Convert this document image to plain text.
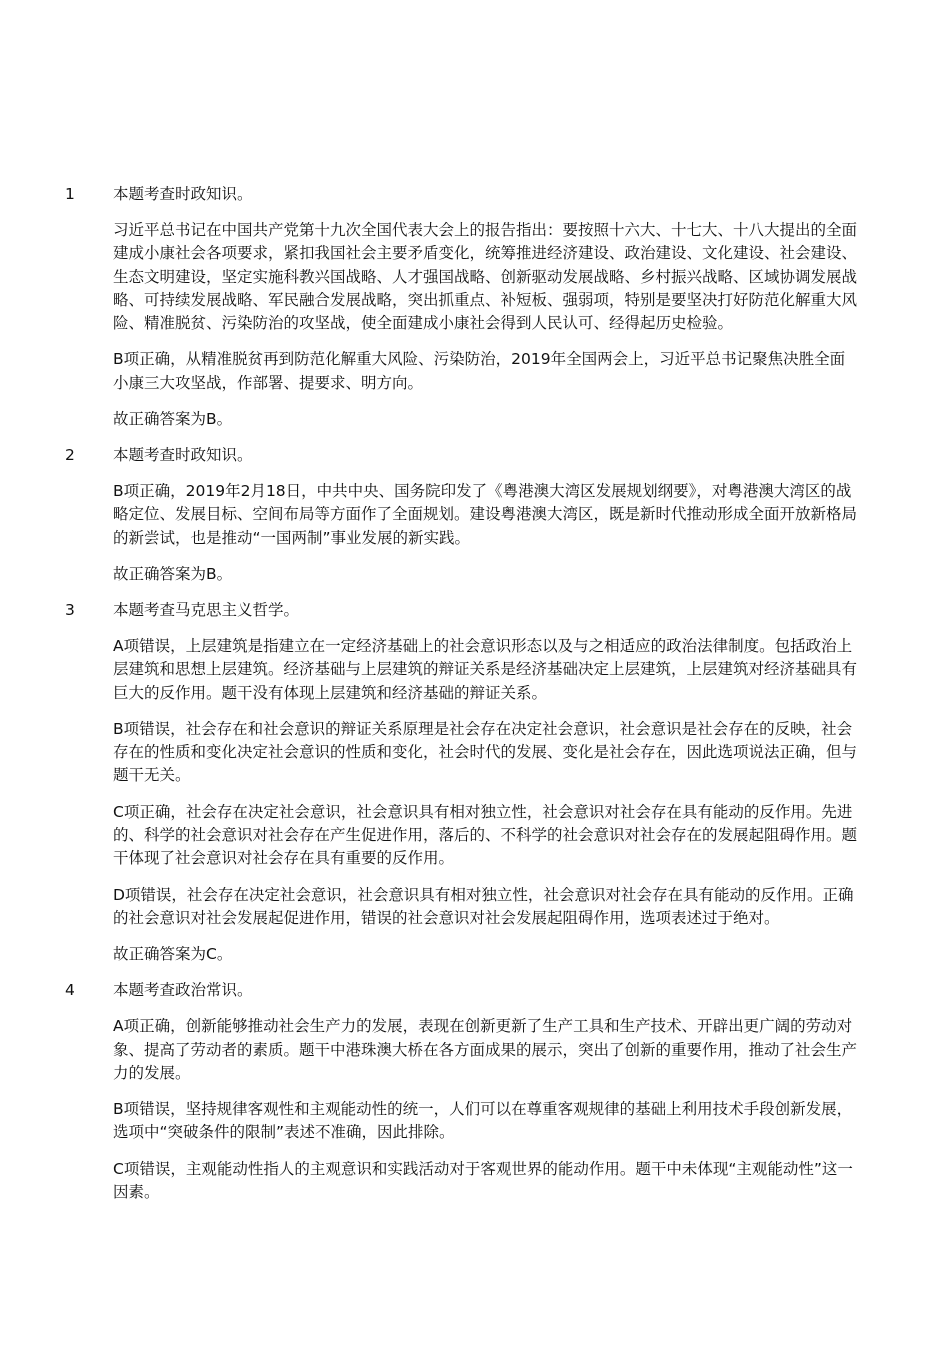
1	本题考查时政知识。

习近平总书记在中国共产党第十九次全国代表大会上的报告指出：要按照十六大、十七大、十八大提出的全面建成小康社会各项要求，紧扣我国社会主要矛盾变化，统筹推进经济建设、政治建设、文化建设、社会建设、生态文明建设，坚定实施科教兴国战略、人才强国战略、创新驱动发展战略、乡村振兴战略、区域协调发展战略、可持续发展战略、军民融合发展战略，突出抓重点、补短板、强弱项，特别是要坚决打好防范化解重大风险、精准脱贫、污染防治的攻坚战，使全面建成小康社会得到人民认可、经得起历史检验。

B项正确，从精准脱贫再到防范化解重大风险、污染防治，2019年全国两会上，习近平总书记聚焦决胜全面小康三大攻坚战，作部署、提要求、明方向。

故正确答案为B。

2	本题考查时政知识。

B项正确，2019年2月18日，中共中央、国务院印发了《粤港澳大湾区发展规划纲要》，对粤港澳大湾区的战略定位、发展目标、空间布局等方面作了全面规划。建设粤港澳大湾区，既是新时代推动形成全面开放新格局的新尝试，也是推动“一国两制”事业发展的新实践。

故正确答案为B。

3	本题考查马克思主义哲学。

A项错误，上层建筑是指建立在一定经济基础上的社会意识形态以及与之相适应的政治法律制度。包括政治上层建筑和思想上层建筑。经济基础与上层建筑的辩证关系是经济基础决定上层建筑，上层建筑对经济基础具有巨大的反作用。题干没有体现上层建筑和经济基础的辩证关系。

B项错误，社会存在和社会意识的辩证关系原理是社会存在决定社会意识，社会意识是社会存在的反映，社会存在的性质和变化决定社会意识的性质和变化，社会时代的发展、变化是社会存在，因此选项说法正确，但与题干无关。

C项正确，社会存在决定社会意识，社会意识具有相对独立性，社会意识对社会存在具有能动的反作用。先进的、科学的社会意识对社会存在产生促进作用，落后的、不科学的社会意识对社会存在的发展起阻碍作用。题干体现了社会意识对社会存在具有重要的反作用。

D项错误，社会存在决定社会意识，社会意识具有相对独立性，社会意识对社会存在具有能动的反作用。正确的社会意识对社会发展起促进作用，错误的社会意识对社会发展起阻碍作用，选项表述过于绝对。

故正确答案为C。

4	本题考查政治常识。

A项正确，创新能够推动社会生产力的发展，表现在创新更新了生产工具和生产技术、开辟出更广阔的劳动对象、提高了劳动者的素质。题干中港珠澳大桥在各方面成果的展示，突出了创新的重要作用，推动了社会生产力的发展。

B项错误，坚持规律客观性和主观能动性的统一，人们可以在尊重客观规律的基础上利用技术手段创新发展，选项中“突破条件的限制”表述不准确，因此排除。

C项错误，主观能动性指人的主观意识和实践活动对于客观世界的能动作用。题干中未体现“主观能动性”这一因素。
